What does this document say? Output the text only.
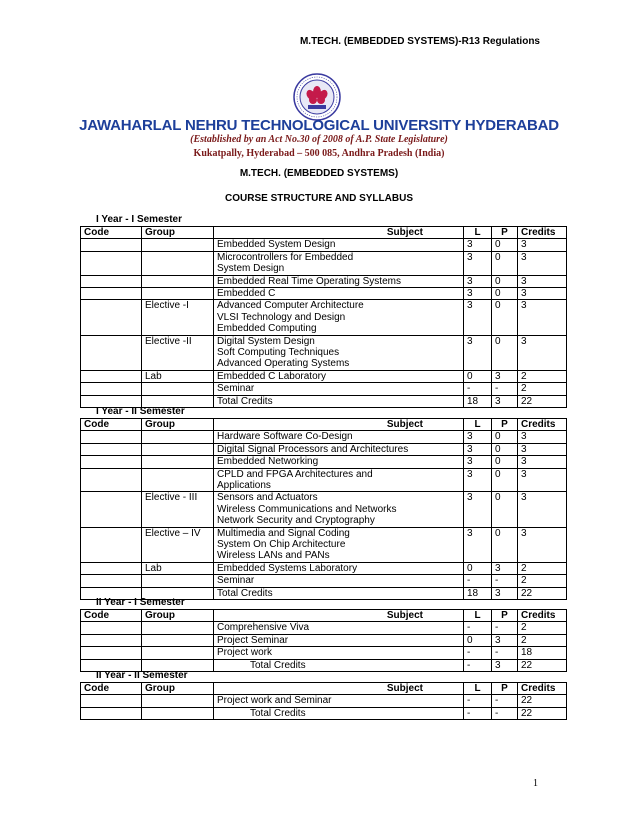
M.TECH. (EMBEDDED SYSTEMS)-R13 Regulations
JAWAHARLAL NEHRU TECHNOLOGICAL UNIVERSITY HYDERABAD
(Established by an Act No.30 of 2008 of A.P. State Legislature)
Kukatpally, Hyderabad – 500 085, Andhra Pradesh (India)
M.TECH. (EMBEDDED SYSTEMS)
COURSE STRUCTURE AND SYLLABUS
I Year - I Semester
Code	Group	Subject	L	P	Credits
		Embedded System Design	3	0	3
		Microcontrollers for Embedded
System Design	3	0	3
		Embedded Real Time Operating Systems	3	0	3
		Embedded C	3	0	3
	Elective -I	Advanced Computer Architecture
VLSI Technology and Design
Embedded Computing	3	0	3
	Elective -II	Digital System Design
Soft Computing Techniques
Advanced Operating Systems	3	0	3
	Lab	Embedded C Laboratory	0	3	2
		Seminar	-	-	2
		Total Credits	18	3	22
I Year - II Semester
Code	Group	Subject	L	P	Credits
		Hardware Software Co-Design	3	0	3
		Digital Signal Processors and Architectures	3	0	3
		Embedded Networking	3	0	3
		CPLD and FPGA Architectures and
Applications	3	0	3
	Elective - III	Sensors and Actuators
Wireless Communications and Networks
Network Security and Cryptography	3	0	3
	Elective – IV	Multimedia and Signal Coding
System On Chip Architecture
Wireless LANs and PANs	3	0	3
	Lab	Embedded Systems Laboratory	0	3	2
		Seminar	-	-	2
		Total Credits	18	3	22
II Year - I Semester
Code	Group	Subject	L	P	Credits
		Comprehensive Viva	-	-	2
		Project Seminar	0	3	2
		Project work	-	-	18
		Total Credits	-	3	22
II Year - II Semester
Code	Group	Subject	L	P	Credits
		Project work and Seminar	-	-	22
		Total Credits	-	-	22
1
